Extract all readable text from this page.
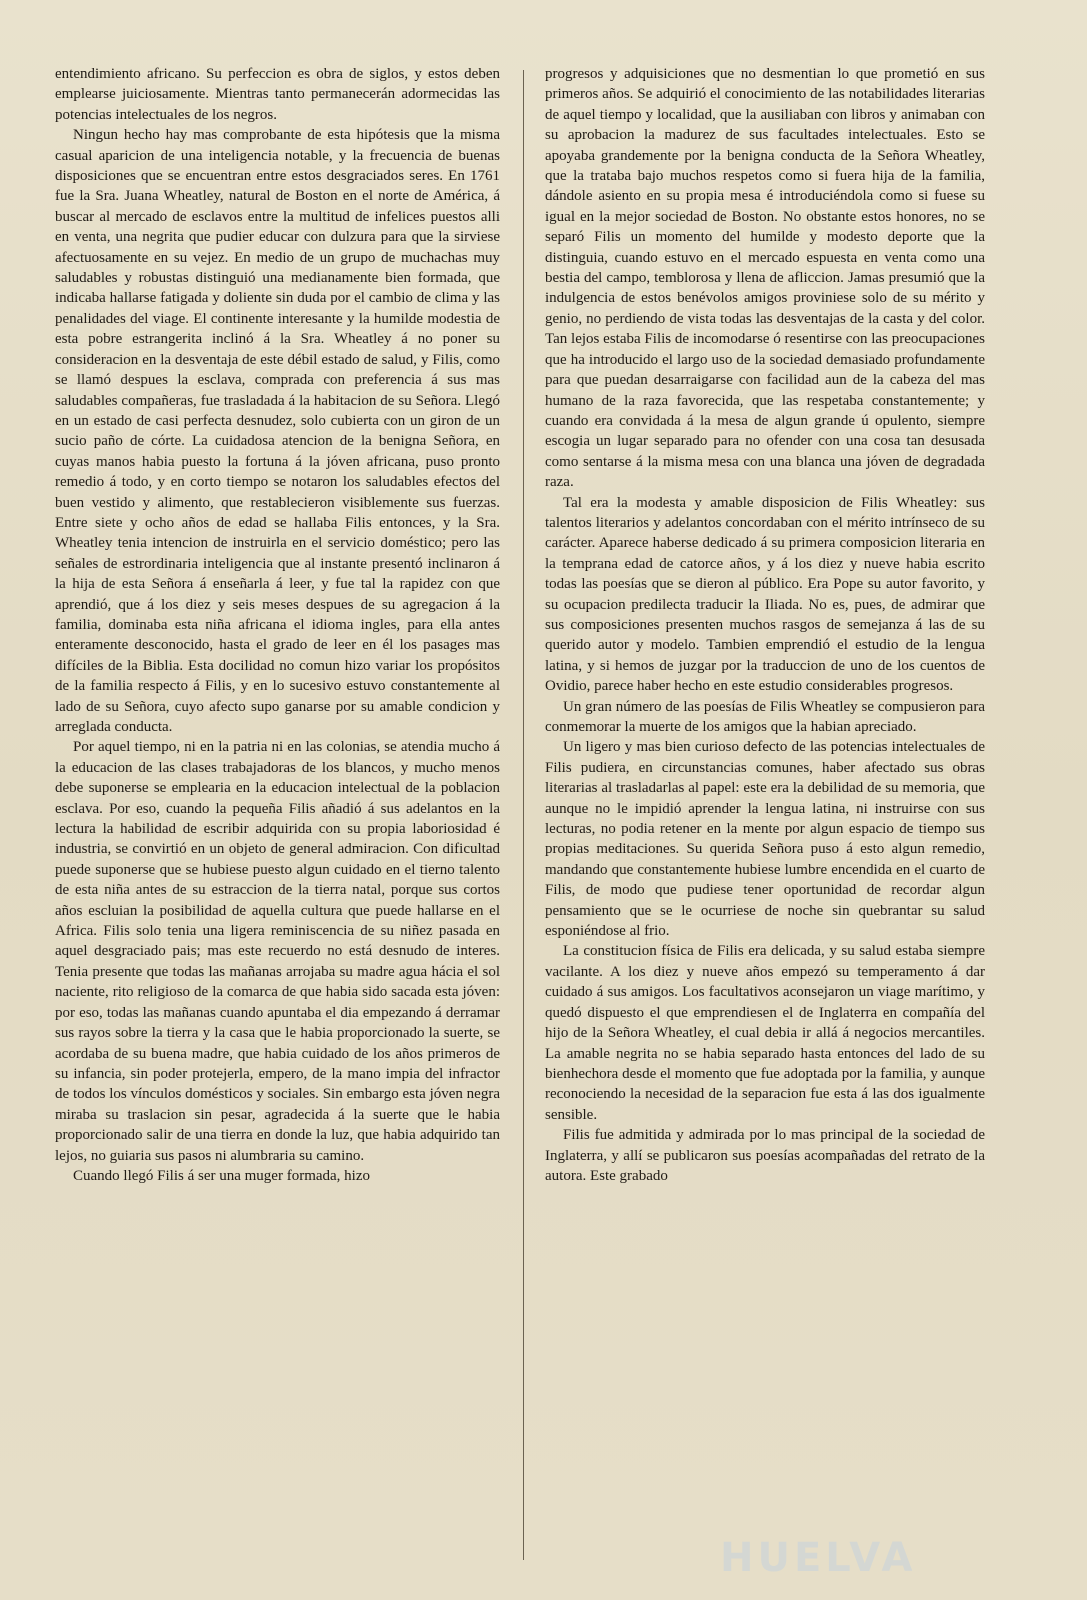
entendimiento africano. Su perfeccion es obra de siglos, y estos deben emplearse juiciosamente. Mientras tanto permanecerán adormecidas las potencias intelectuales de los negros.

Ningun hecho hay mas comprobante de esta hipótesis que la misma casual aparicion de una inteligencia notable, y la frecuencia de buenas disposiciones que se encuentran entre estos desgraciados seres. En 1761 fue la Sra. Juana Wheatley, natural de Boston en el norte de América, á buscar al mercado de esclavos entre la multitud de infelices puestos alli en venta, una negrita que pudier educar con dulzura para que la sirviese afectuosamente en su vejez. En medio de un grupo de muchachas muy saludables y robustas distinguió una medianamente bien formada, que indicaba hallarse fatigada y doliente sin duda por el cambio de clima y las penalidades del viage. El continente interesante y la humilde modestia de esta pobre estrangerita inclinó á la Sra. Wheatley á no poner su consideracion en la desventaja de este débil estado de salud, y Filis, como se llamó despues la esclava, comprada con preferencia á sus mas saludables compañeras, fue trasladada á la habitacion de su Señora. Llegó en un estado de casi perfecta desnudez, solo cubierta con un giron de un sucio paño de córte. La cuidadosa atencion de la benigna Señora, en cuyas manos habia puesto la fortuna á la jóven africana, puso pronto remedio á todo, y en corto tiempo se notaron los saludables efectos del buen vestido y alimento, que restablecieron visiblemente sus fuerzas. Entre siete y ocho años de edad se hallaba Filis entonces, y la Sra. Wheatley tenia intencion de instruirla en el servicio doméstico; pero las señales de estrordinaria inteligencia que al instante presentó inclinaron á la hija de esta Señora á enseñarla á leer, y fue tal la rapidez con que aprendió, que á los diez y seis meses despues de su agregacion á la familia, dominaba esta niña africana el idioma ingles, para ella antes enteramente desconocido, hasta el grado de leer en él los pasages mas difíciles de la Biblia. Esta docilidad no comun hizo variar los propósitos de la familia respecto á Filis, y en lo sucesivo estuvo constantemente al lado de su Señora, cuyo afecto supo ganarse por su amable condicion y arreglada conducta.

Por aquel tiempo, ni en la patria ni en las colonias, se atendia mucho á la educacion de las clases trabajadoras de los blancos, y mucho menos debe suponerse se emplearia en la educacion intelectual de la poblacion esclava. Por eso, cuando la pequeña Filis añadió á sus adelantos en la lectura la habilidad de escribir adquirida con su propia laboriosidad é industria, se convirtió en un objeto de general admiracion. Con dificultad puede suponerse que se hubiese puesto algun cuidado en el tierno talento de esta niña antes de su estraccion de la tierra natal, porque sus cortos años escluian la posibilidad de aquella cultura que puede hallarse en el Africa. Filis solo tenia una ligera reminiscencia de su niñez pasada en aquel desgraciado pais; mas este recuerdo no está desnudo de interes. Tenia presente que todas las mañanas arrojaba su madre agua hácia el sol naciente, rito religioso de la comarca de que habia sido sacada esta jóven: por eso, todas las mañanas cuando apuntaba el dia empezando á derramar sus rayos sobre la tierra y la casa que le habia proporcionado la suerte, se acordaba de su buena madre, que habia cuidado de los años primeros de su infancia, sin poder protejerla, empero, de la mano impia del infractor de todos los vínculos domésticos y sociales. Sin embargo esta jóven negra miraba su traslacion sin pesar, agradecida á la suerte que le habia proporcionado salir de una tierra en donde la luz, que habia adquirido tan lejos, no guiaria sus pasos ni alumbraria su camino.

Cuando llegó Filis á ser una muger formada, hizo

progresos y adquisiciones que no desmentian lo que prometió en sus primeros años. Se adquirió el conocimiento de las notabilidades literarias de aquel tiempo y localidad, que la ausiliaban con libros y animaban con su aprobacion la madurez de sus facultades intelectuales. Esto se apoyaba grandemente por la benigna conducta de la Señora Wheatley, que la trataba bajo muchos respetos como si fuera hija de la familia, dándole asiento en su propia mesa é introduciéndola como si fuese su igual en la mejor sociedad de Boston. No obstante estos honores, no se separó Filis un momento del humilde y modesto deporte que la distinguia, cuando estuvo en el mercado espuesta en venta como una bestia del campo, temblorosa y llena de afliccion. Jamas presumió que la indulgencia de estos benévolos amigos proviniese solo de su mérito y genio, no perdiendo de vista todas las desventajas de la casta y del color. Tan lejos estaba Filis de incomodarse ó resentirse con las preocupaciones que ha introducido el largo uso de la sociedad demasiado profundamente para que puedan desarraigarse con facilidad aun de la cabeza del mas humano de la raza favorecida, que las respetaba constantemente; y cuando era convidada á la mesa de algun grande ú opulento, siempre escogia un lugar separado para no ofender con una cosa tan desusada como sentarse á la misma mesa con una blanca una jóven de degradada raza.

Tal era la modesta y amable disposicion de Filis Wheatley: sus talentos literarios y adelantos concordaban con el mérito intrínseco de su carácter. Aparece haberse dedicado á su primera composicion literaria en la temprana edad de catorce años, y á los diez y nueve habia escrito todas las poesías que se dieron al público. Era Pope su autor favorito, y su ocupacion predilecta traducir la Iliada. No es, pues, de admirar que sus composiciones presenten muchos rasgos de semejanza á las de su querido autor y modelo. Tambien emprendió el estudio de la lengua latina, y si hemos de juzgar por la traduccion de uno de los cuentos de Ovidio, parece haber hecho en este estudio considerables progresos.

Un gran número de las poesías de Filis Wheatley se compusieron para conmemorar la muerte de los amigos que la habian apreciado.

Un ligero y mas bien curioso defecto de las potencias intelectuales de Filis pudiera, en circunstancias comunes, haber afectado sus obras literarias al trasladarlas al papel: este era la debilidad de su memoria, que aunque no le impidió aprender la lengua latina, ni instruirse con sus lecturas, no podia retener en la mente por algun espacio de tiempo sus propias meditaciones. Su querida Señora puso á esto algun remedio, mandando que constantemente hubiese lumbre encendida en el cuarto de Filis, de modo que pudiese tener oportunidad de recordar algun pensamiento que se le ocurriese de noche sin quebrantar su salud esponiéndose al frio.

La constitucion física de Filis era delicada, y su salud estaba siempre vacilante. A los diez y nueve años empezó su temperamento á dar cuidado á sus amigos. Los facultativos aconsejaron un viage marítimo, y quedó dispuesto el que emprendiesen el de Inglaterra en compañía del hijo de la Señora Wheatley, el cual debia ir allá á negocios mercantiles. La amable negrita no se habia separado hasta entonces del lado de su bienhechora desde el momento que fue adoptada por la familia, y aunque reconociendo la necesidad de la separacion fue esta á las dos igualmente sensible.

Filis fue admitida y admirada por lo mas principal de la sociedad de Inglaterra, y allí se publicaron sus poesías acompañadas del retrato de la autora. Este grabado

HUELVA
